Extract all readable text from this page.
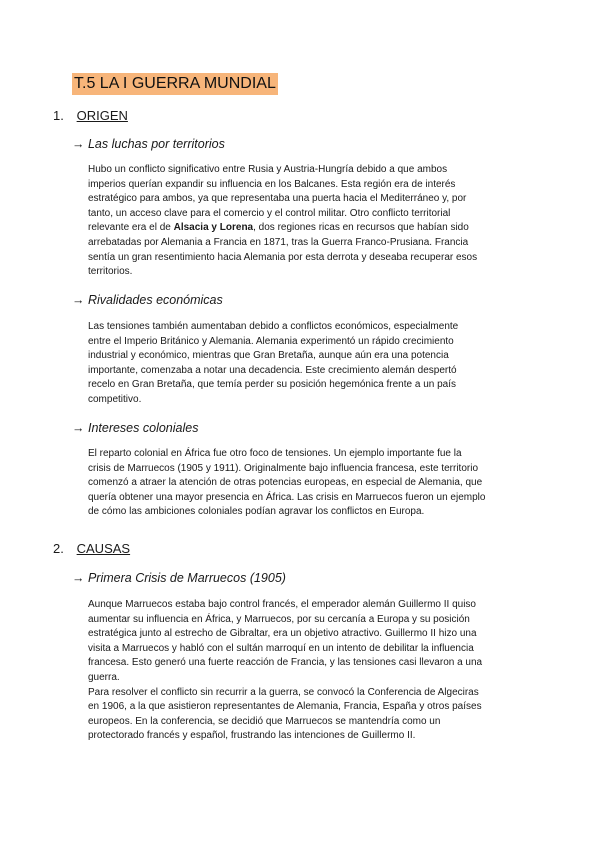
T.5 LA I GUERRA MUNDIAL
1. ORIGEN
→ Las luchas por territorios
Hubo un conflicto significativo entre Rusia y Austria-Hungría debido a que ambos
imperios querían expandir su influencia en los Balcanes. Esta región era de interés
estratégico para ambos, ya que representaba una puerta hacia el Mediterráneo y, por
tanto, un acceso clave para el comercio y el control militar. Otro conflicto territorial
relevante era el de Alsacia y Lorena, dos regiones ricas en recursos que habían sido
arrebatadas por Alemania a Francia en 1871, tras la Guerra Franco-Prusiana. Francia
sentía un gran resentimiento hacia Alemania por esta derrota y deseaba recuperar esos
territorios.
→ Rivalidades económicas
Las tensiones también aumentaban debido a conflictos económicos, especialmente
entre el Imperio Británico y Alemania. Alemania experimentó un rápido crecimiento
industrial y económico, mientras que Gran Bretaña, aunque aún era una potencia
importante, comenzaba a notar una decadencia. Este crecimiento alemán despertó
recelo en Gran Bretaña, que temía perder su posición hegemónica frente a un país
competitivo.
→ Intereses coloniales
El reparto colonial en África fue otro foco de tensiones. Un ejemplo importante fue la
crisis de Marruecos (1905 y 1911). Originalmente bajo influencia francesa, este territorio
comenzó a atraer la atención de otras potencias europeas, en especial de Alemania, que
quería obtener una mayor presencia en África. Las crisis en Marruecos fueron un ejemplo
de cómo las ambiciones coloniales podían agravar los conflictos en Europa.
2. CAUSAS
→ Primera Crisis de Marruecos (1905)
Aunque Marruecos estaba bajo control francés, el emperador alemán Guillermo II quiso
aumentar su influencia en África, y Marruecos, por su cercanía a Europa y su posición
estratégica junto al estrecho de Gibraltar, era un objetivo atractivo. Guillermo II hizo una
visita a Marruecos y habló con el sultán marroquí en un intento de debilitar la influencia
francesa. Esto generó una fuerte reacción de Francia, y las tensiones casi llevaron a una
guerra.
Para resolver el conflicto sin recurrir a la guerra, se convocó la Conferencia de Algeciras
en 1906, a la que asistieron representantes de Alemania, Francia, España y otros países
europeos. En la conferencia, se decidió que Marruecos se mantendría como un
protectorado francés y español, frustrando las intenciones de Guillermo II.
